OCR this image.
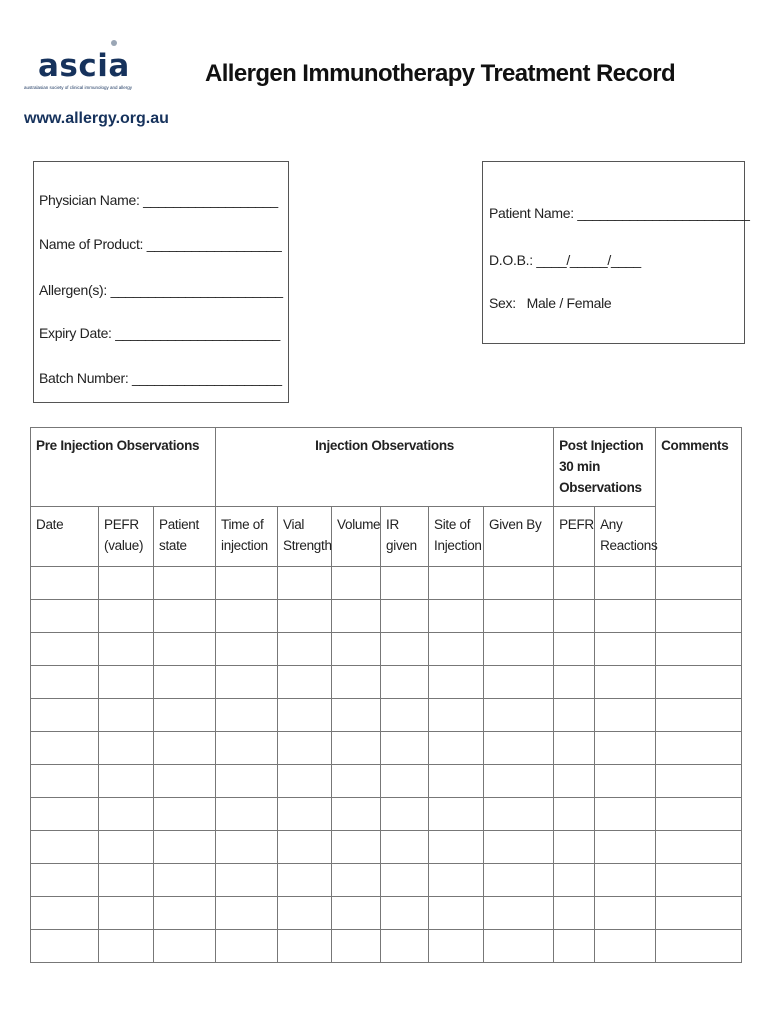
ascia
australasian society of clinical immunology and allergy
www.allergy.org.au
Allergen Immunotherapy Treatment Record
Physician Name: __________________
Name of Product: __________________
Allergen(s): _______________________
Expiry Date: ______________________
Batch Number: ____________________
Patient Name: _______________________
D.O.B.: ____/_____/____
Sex:   Male / Female
Pre Injection Observations			Injection Observations						Post Injection 30 min Observations		Comments
Date	PEFR (value)	Patient state	Time of injection	Vial Strength	Volume	IR given	Site of Injection	Given By	PEFR	Any Reactions	
